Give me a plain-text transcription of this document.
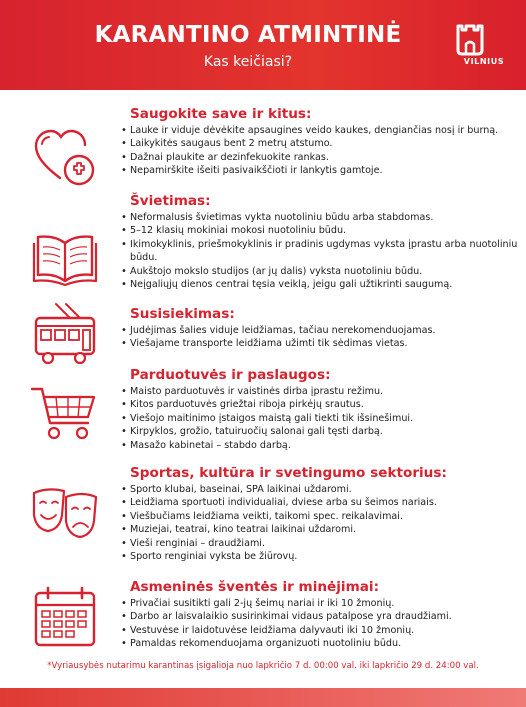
KARANTINO ATMINTINĖ
Kas keičiasi?	VILNIUS
Saugokite save ir kitus:
• Lauke ir viduje dėvėkite apsaugines veido kaukes, dengiančias nosį ir burną.
• Laikykitės saugaus bent 2 metrų atstumo.
• Dažnai plaukite ar dezinfekuokite rankas.
• Nepamirškite išeiti pasivaikščioti ir lankytis gamtoje.
Švietimas:
• Neformalusis švietimas vykta nuotoliniu būdu arba stabdomas.
• 5–12 klasių mokiniai mokosi nuotoliniu būdu.
• Ikimokyklinis, priešmokyklinis ir pradinis ugdymas vyksta įprastu arba nuotoliniu būdu.
• Aukštojo mokslo studijos (ar jų dalis) vyksta nuotoliniu būdu.
• Neįgaliųjų dienos centrai tęsia veiklą, jeigu gali užtikrinti saugumą.
Susisiekimas:
• Judėjimas šalies viduje leidžiamas, tačiau nerekomenduojamas.
• Viešajame transporte leidžiama užimti tik sėdimas vietas.
Parduotuvės ir paslaugos:
• Maisto parduotuvės ir vaistinės dirba įprastu režimu.
• Kitos parduotuvės griežtai riboja pirkėjų srautus.
• Viešojo maitinimo įstaigos maistą gali tiekti tik išsinešimui.
• Kirpyklos, grožio, tatuiruočių salonai gali tęsti darbą.
• Masažo kabinetai – stabdo darbą.
Sportas, kultūra ir svetingumo sektorius:
• Sporto klubai, baseinai, SPA laikinai uždaromi.
• Leidžiama sportuoti individualiai, dviese arba su šeimos nariais.
• Viešbučiams leidžiama veikti, taikomi spec. reikalavimai.
• Muziejai, teatrai, kino teatrai laikinai uždaromi.
• Vieši renginiai – draudžiami.
• Sporto renginiai vyksta be žiūrovų.
Asmeninės šventės ir minėjimai:
• Privačiai susitikti gali 2-jų šeimų nariai ir iki 10 žmonių.
• Darbo ar laisvalaikio susirinkimai vidaus patalpose yra draudžiami.
• Vestuvėse ir laidotuvėse leidžiama dalyvauti iki 10 žmonių.
• Pamaldas rekomenduojama organizuoti nuotoliniu būdu.
*Vyriausybės nutarimu karantinas įsigalioja nuo lapkričio 7 d. 00:00 val. iki lapkričio 29 d. 24:00 val.
